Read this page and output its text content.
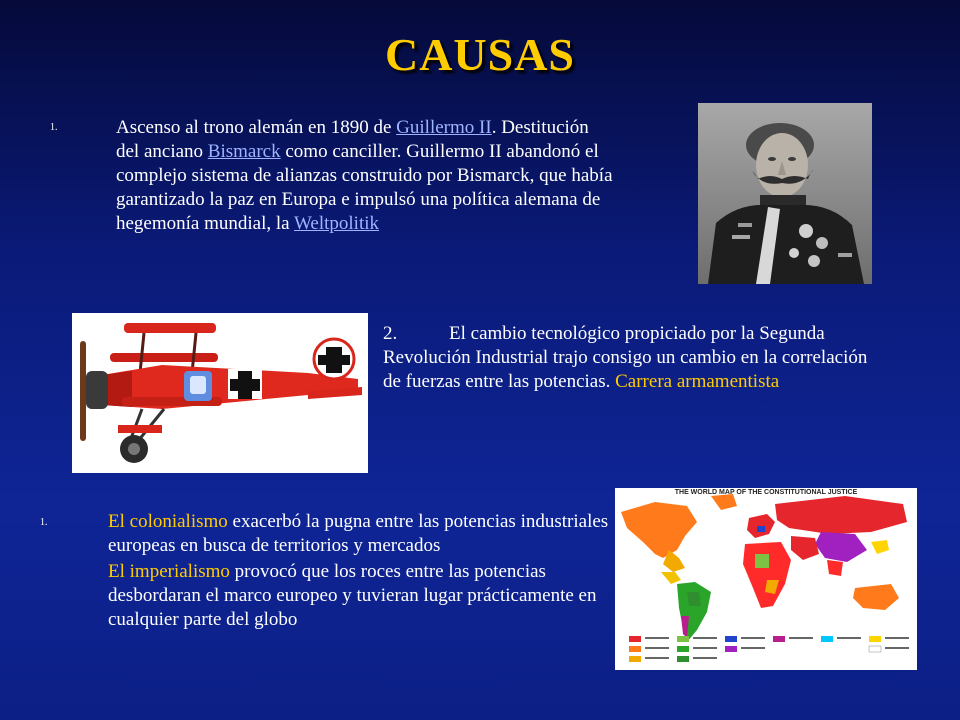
CAUSAS
1.	Ascenso al trono alemán en 1890 de Guillermo II. Destitución del anciano Bismarck como canciller. Guillermo II abandonó el complejo sistema de alianzas construido por Bismarck, que había garantizado la paz en Europa e impulsó una política alemana de hegemonía mundial, la Weltpolitik
2.	El cambio tecnológico propiciado por la Segunda Revolución Industrial trajo consigo un cambio en la correlación de fuerzas entre las potencias. Carrera armamentista
1.	El colonialismo exacerbó la pugna entre las potencias industriales europeas en busca de territorios y mercados
El imperialismo provocó que los roces entre las potencias desbordaran el marco europeo y tuvieran lugar prácticamente en cualquier parte del globo
THE WORLD MAP OF THE CONSTITUTIONAL JUSTICE
